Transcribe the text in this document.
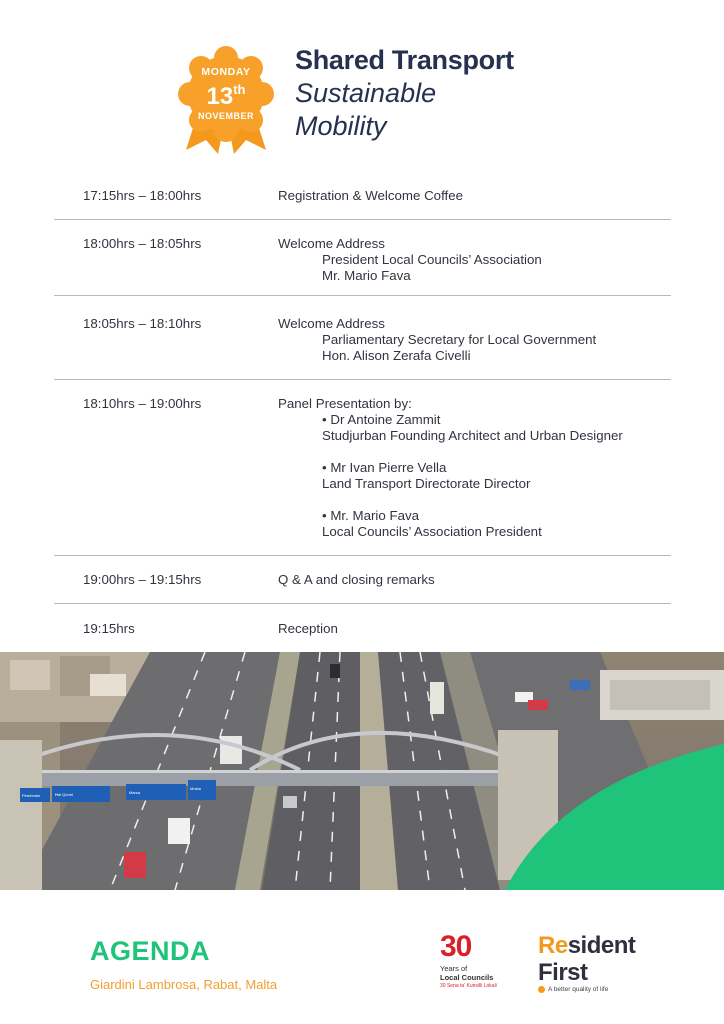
MONDAY
13th
NOVEMBER
Shared Transport
Sustainable
Mobility
17:15hrs – 18:00hrs	Registration & Welcome Coffee
18:00hrs – 18:05hrs	Welcome Address
President Local Councils’ Association
Mr. Mario Fava
18:05hrs – 18:10hrs	Welcome Address
Parliamentary Secretary for Local Government
Hon. Alison Zerafa Civelli
18:10hrs – 19:00hrs	Panel Presentation by:
• Dr Antoine Zammit
Studjurban Founding Architect and Urban Designer
• Mr Ivan Pierre Vella
Land Transport Directorate Director
• Mr. Mario Fava
Local Councils’ Association President
19:00hrs – 19:15hrs	Q & A and closing remarks
19:15hrs	Reception
Pembroke	Ħal Qormi	Marsa
Mosta
AGENDA
Giardini Lambrosa, Rabat, Malta
30
Years of
Local Councils
30 Sena ta’ Kunsilli Lokali
Resident
First
A better quality of life
